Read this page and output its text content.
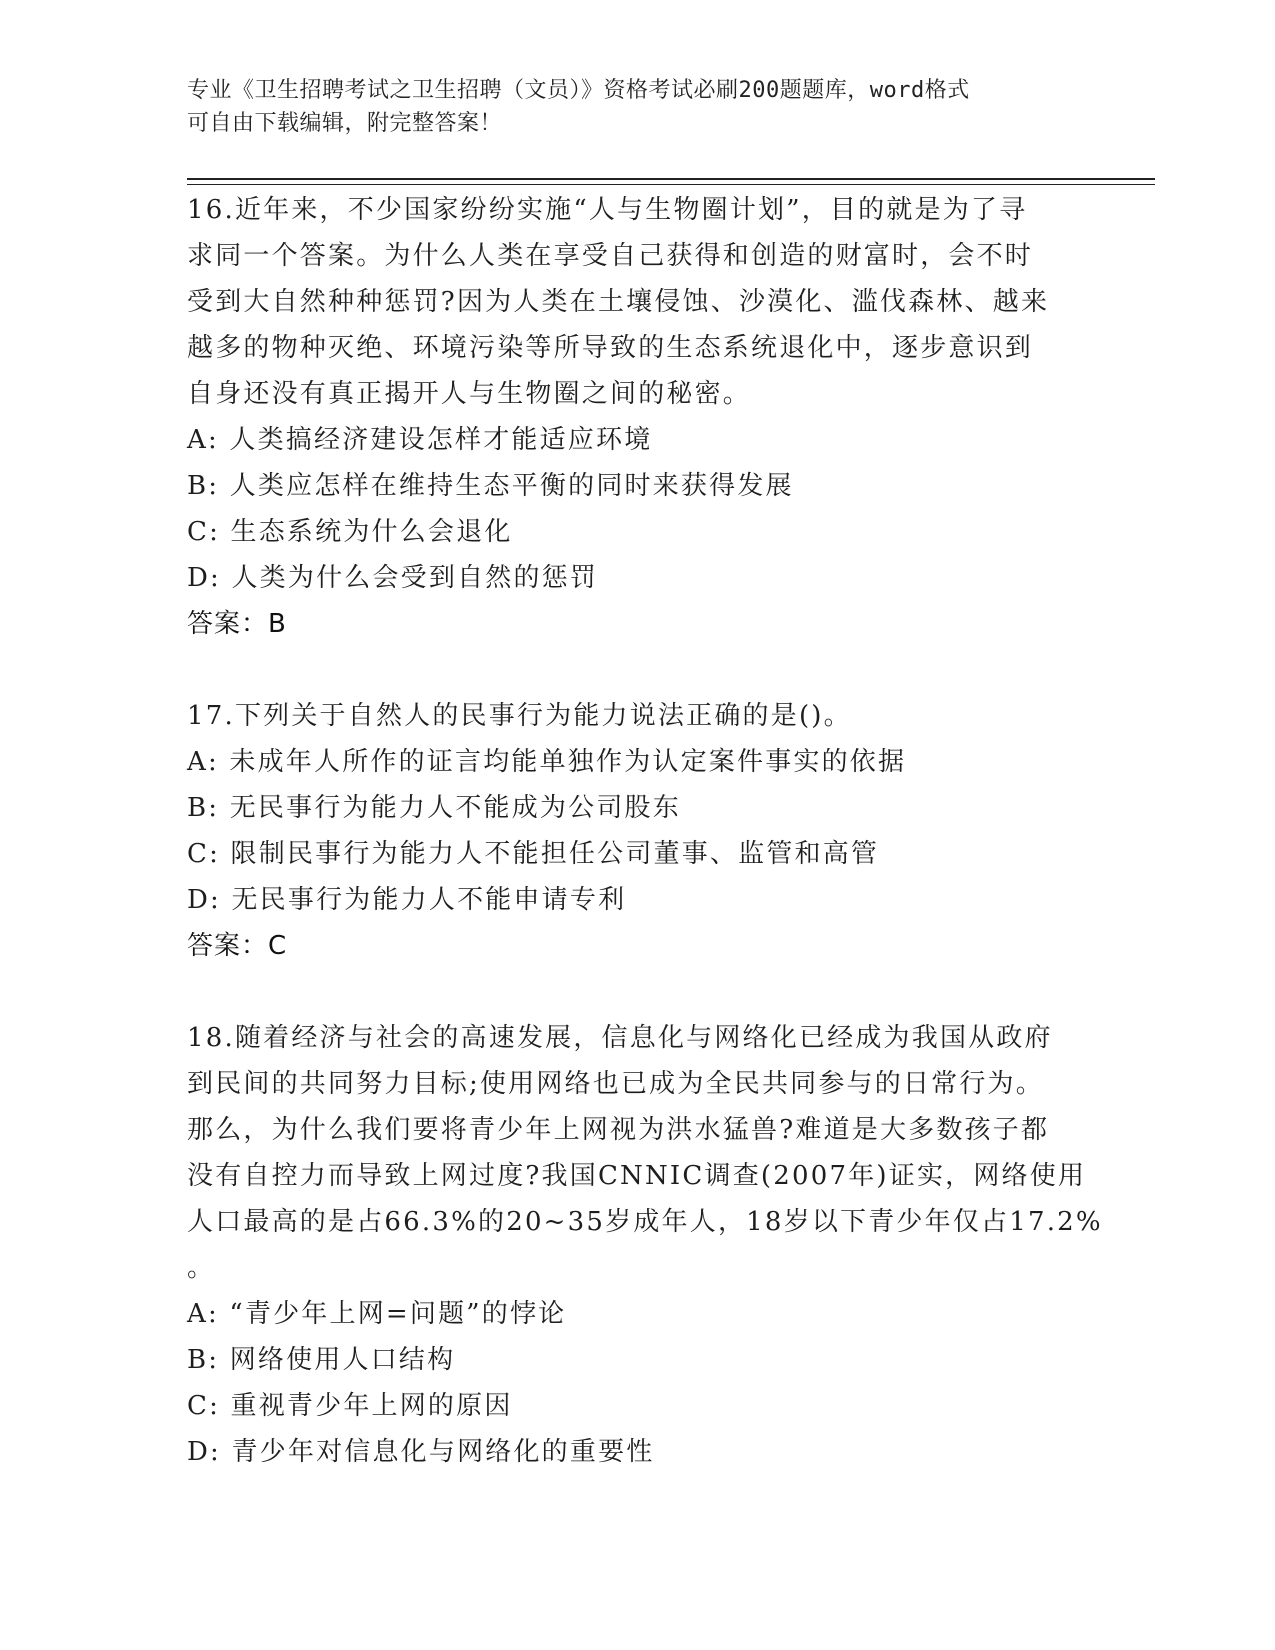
专业《卫生招聘考试之卫生招聘（文员）》资格考试必刷200题题库，word格式
可自由下载编辑，附完整答案！
16.近年来，不少国家纷纷实施“人与生物圈计划”，目的就是为了寻
求同一个答案。为什么人类在享受自己获得和创造的财富时，会不时
受到大自然种种惩罚?因为人类在土壤侵蚀、沙漠化、滥伐森林、越来
越多的物种灭绝、环境污染等所导致的生态系统退化中，逐步意识到
自身还没有真正揭开人与生物圈之间的秘密。
A: 人类搞经济建设怎样才能适应环境
B: 人类应怎样在维持生态平衡的同时来获得发展
C: 生态系统为什么会退化
D: 人类为什么会受到自然的惩罚
答案：B
17.下列关于自然人的民事行为能力说法正确的是()。
A: 未成年人所作的证言均能单独作为认定案件事实的依据
B: 无民事行为能力人不能成为公司股东
C: 限制民事行为能力人不能担任公司董事、监管和高管
D: 无民事行为能力人不能申请专利
答案：C
18.随着经济与社会的高速发展，信息化与网络化已经成为我国从政府
到民间的共同努力目标;使用网络也已成为全民共同参与的日常行为。
那么，为什么我们要将青少年上网视为洪水猛兽?难道是大多数孩子都
没有自控力而导致上网过度?我国CNNIC调查(2007年)证实，网络使用
人口最高的是占66.3%的20~35岁成年人，18岁以下青少年仅占17.2%
。
A: “青少年上网=问题”的悖论
B: 网络使用人口结构
C: 重视青少年上网的原因
D: 青少年对信息化与网络化的重要性
